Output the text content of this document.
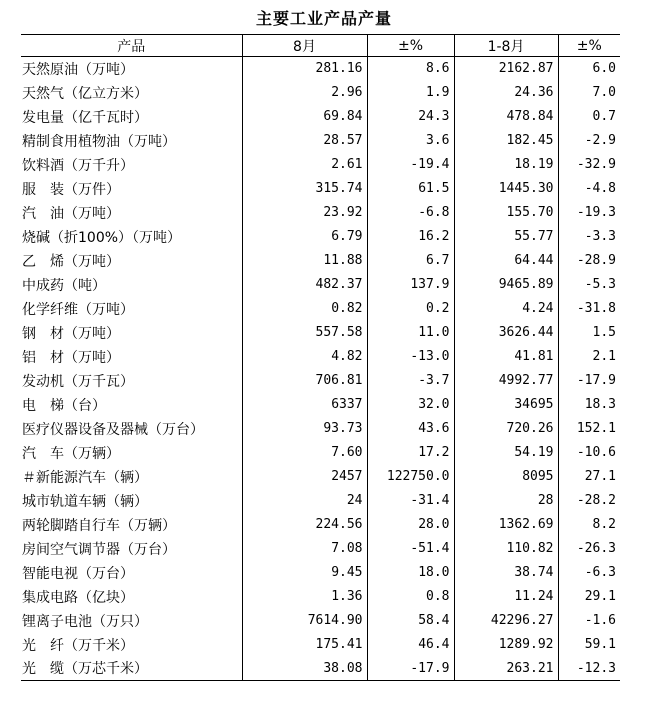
主要工业产品产量
产品	8月	±%	1-8月	±%
天然原油（万吨）	281.16	8.6	2162.87	6.0
天然气（亿立方米）	2.96	1.9	24.36	7.0
发电量（亿千瓦时）	69.84	24.3	478.84	0.7
精制食用植物油（万吨）	28.57	3.6	182.45	-2.9
饮料酒（万千升）	2.61	-19.4	18.19	-32.9
服　装（万件）	315.74	61.5	1445.30	-4.8
汽　油（万吨）	23.92	-6.8	155.70	-19.3
烧碱（折100%）（万吨）	6.79	16.2	55.77	-3.3
乙　烯（万吨）	11.88	6.7	64.44	-28.9
中成药（吨）	482.37	137.9	9465.89	-5.3
化学纤维（万吨）	0.82	0.2	4.24	-31.8
钢　材（万吨）	557.58	11.0	3626.44	1.5
铝　材（万吨）	4.82	-13.0	41.81	2.1
发动机（万千瓦）	706.81	-3.7	4992.77	-17.9
电　梯（台）	6337	32.0	34695	18.3
医疗仪器设备及器械（万台）	93.73	43.6	720.26	152.1
汽　车（万辆）	7.60	17.2	54.19	-10.6
＃新能源汽车（辆）	2457	122750.0	8095	27.1
城市轨道车辆（辆）	24	-31.4	28	-28.2
两轮脚踏自行车（万辆）	224.56	28.0	1362.69	8.2
房间空气调节器（万台）	7.08	-51.4	110.82	-26.3
智能电视（万台）	9.45	18.0	38.74	-6.3
集成电路（亿块）	1.36	0.8	11.24	29.1
锂离子电池（万只）	7614.90	58.4	42296.27	-1.6
光　纤（万千米）	175.41	46.4	1289.92	59.1
光　缆（万芯千米）	38.08	-17.9	263.21	-12.3
